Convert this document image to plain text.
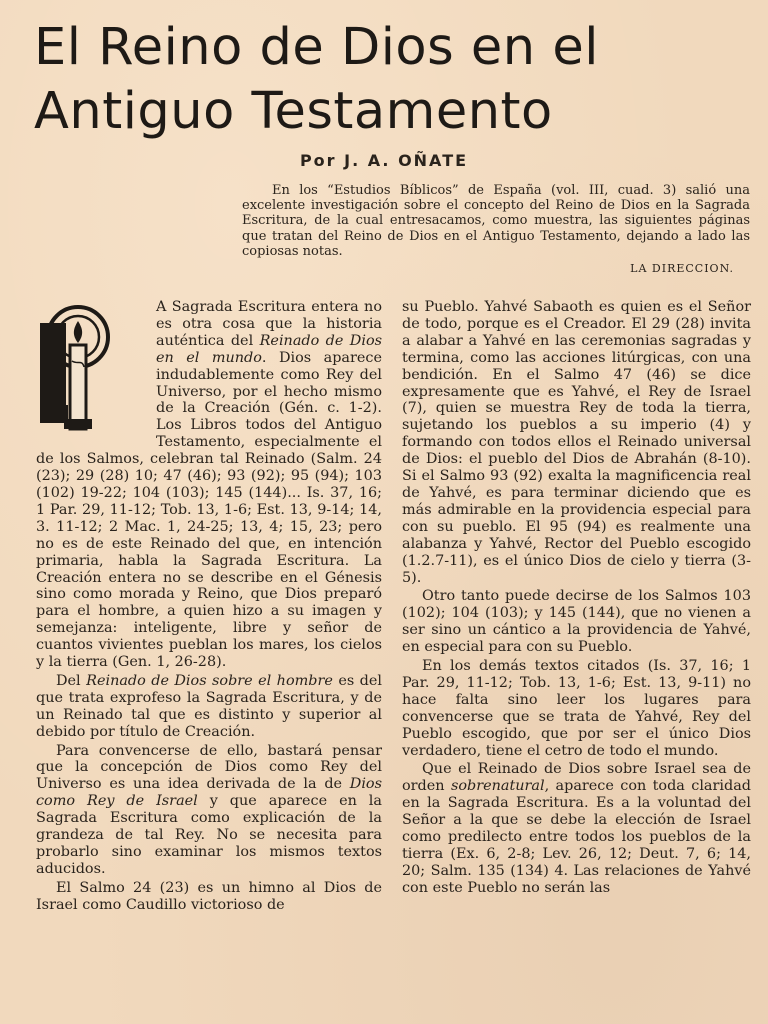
El Reino de Dios en el
Antiguo Testamento
Por J. A. OÑATE
En los “Estudios Bíblicos” de España (vol. III, cuad. 3) salió una excelente investigación sobre el concepto del Reino de Dios en la Sagrada Escritura, de la cual entresacamos, como muestra, las siguientes páginas que tratan del Reino de Dios en el Antiguo Testamento, dejando a lado las copiosas notas.
LA DIRECCION.

A Sagrada Escritura entera no es otra cosa que la historia auténtica del Reinado de Dios en el mundo. Dios aparece indudablemente como Rey del Universo, por el hecho mismo de la Creación (Gén. c. 1-2). Los Libros todos del Antiguo Testamento, especialmente el de los Salmos, celebran tal Reinado (Salm. 24 (23); 29 (28) 10; 47 (46); 93 (92); 95 (94); 103 (102) 19-22; 104 (103); 145 (144)... Is. 37, 16; 1 Par. 29, 11-12; Tob. 13, 1-6; Est. 13, 9-14; 14, 3. 11-12; 2 Mac. 1, 24-25; 13, 4; 15, 23; pero no es de este Reinado del que, en intención primaria, habla la Sagrada Escritura. La Creación entera no se describe en el Génesis sino como morada y Reino, que Dios preparó para el hombre, a quien hizo a su imagen y semejanza: inteligente, libre y señor de cuantos vivientes pueblan los mares, los cielos y la tierra (Gen. 1, 26-28).

Del Reinado de Dios sobre el hombre es del que trata exprofeso la Sagrada Escritura, y de un Reinado tal que es distinto y superior al debido por título de Creación.

Para convencerse de ello, bastará pensar que la concepción de Dios como Rey del Universo es una idea derivada de la de Dios como Rey de Israel y que aparece en la Sagrada Escritura como explicación de la grandeza de tal Rey. No se necesita para probarlo sino examinar los mismos textos aducidos.

El Salmo 24 (23) es un himno al Dios de Israel como Caudillo victorioso de

su Pueblo. Yahvé Sabaoth es quien es el Señor de todo, porque es el Creador. El 29 (28) invita a alabar a Yahvé en las ceremonias sagradas y termina, como las acciones litúrgicas, con una bendición. En el Salmo 47 (46) se dice expresamente que es Yahvé, el Rey de Israel (7), quien se muestra Rey de toda la tierra, sujetando los pueblos a su imperio (4) y formando con todos ellos el Reinado universal de Dios: el pueblo del Dios de Abrahán (8-10). Si el Salmo 93 (92) exalta la magnificencia real de Yahvé, es para terminar diciendo que es más admirable en la providencia especial para con su pueblo. El 95 (94) es realmente una alabanza y Yahvé, Rector del Pueblo escogido (1.2.7-11), es el único Dios de cielo y tierra (3-5).

Otro tanto puede decirse de los Salmos 103 (102); 104 (103); y 145 (144), que no vienen a ser sino un cántico a la providencia de Yahvé, en especial para con su Pueblo.

En los demás textos citados (Is. 37, 16; 1 Par. 29, 11-12; Tob. 13, 1-6; Est. 13, 9-11) no hace falta sino leer los lugares para convencerse que se trata de Yahvé, Rey del Pueblo escogido, que por ser el único Dios verdadero, tiene el cetro de todo el mundo.

Que el Reinado de Dios sobre Israel sea de orden sobrenatural, aparece con toda claridad en la Sagrada Escritura. Es a la voluntad del Señor a la que se debe la elección de Israel como predilecto entre todos los pueblos de la tierra (Ex. 6, 2-8; Lev. 26, 12; Deut. 7, 6; 14, 20; Salm. 135 (134) 4. Las relaciones de Yahvé con este Pueblo no serán las
